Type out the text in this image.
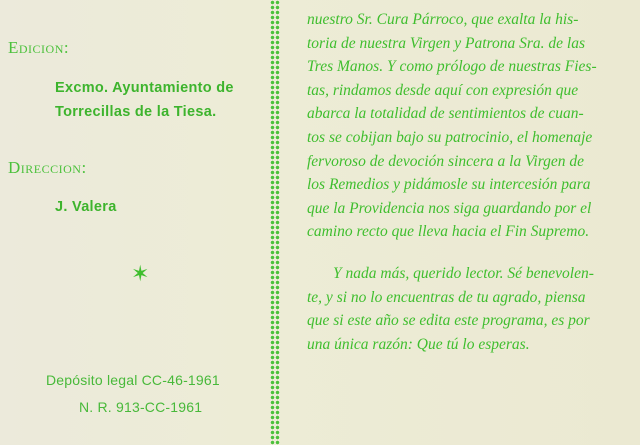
Edicion:
Excmo. Ayuntamiento de
Torrecillas de la Tiesa.
Direccion:
J. Valera
✶
Depósito legal CC-46-1961
N. R. 913-CC-1961
nuestro Sr. Cura Párroco, que exalta la his-
toria de nuestra Virgen y Patrona Sra. de las
Tres Manos. Y como prólogo de nuestras Fies-
tas, rindamos desde aquí con expresión que
abarca la totalidad de sentimientos de cuan-
tos se cobijan bajo su patrocinio, el homenaje
fervoroso de devoción sincera a la Virgen de
los Remedios y pidámosle su intercesión para
que la Providencia nos siga guardando por el
camino recto que lleva hacia el Fin Supremo.
Y nada más, querido lector. Sé benevolen-
te, y si no lo encuentras de tu agrado, piensa
que si este año se edita este programa, es por
una única razón: Que tú lo esperas.
